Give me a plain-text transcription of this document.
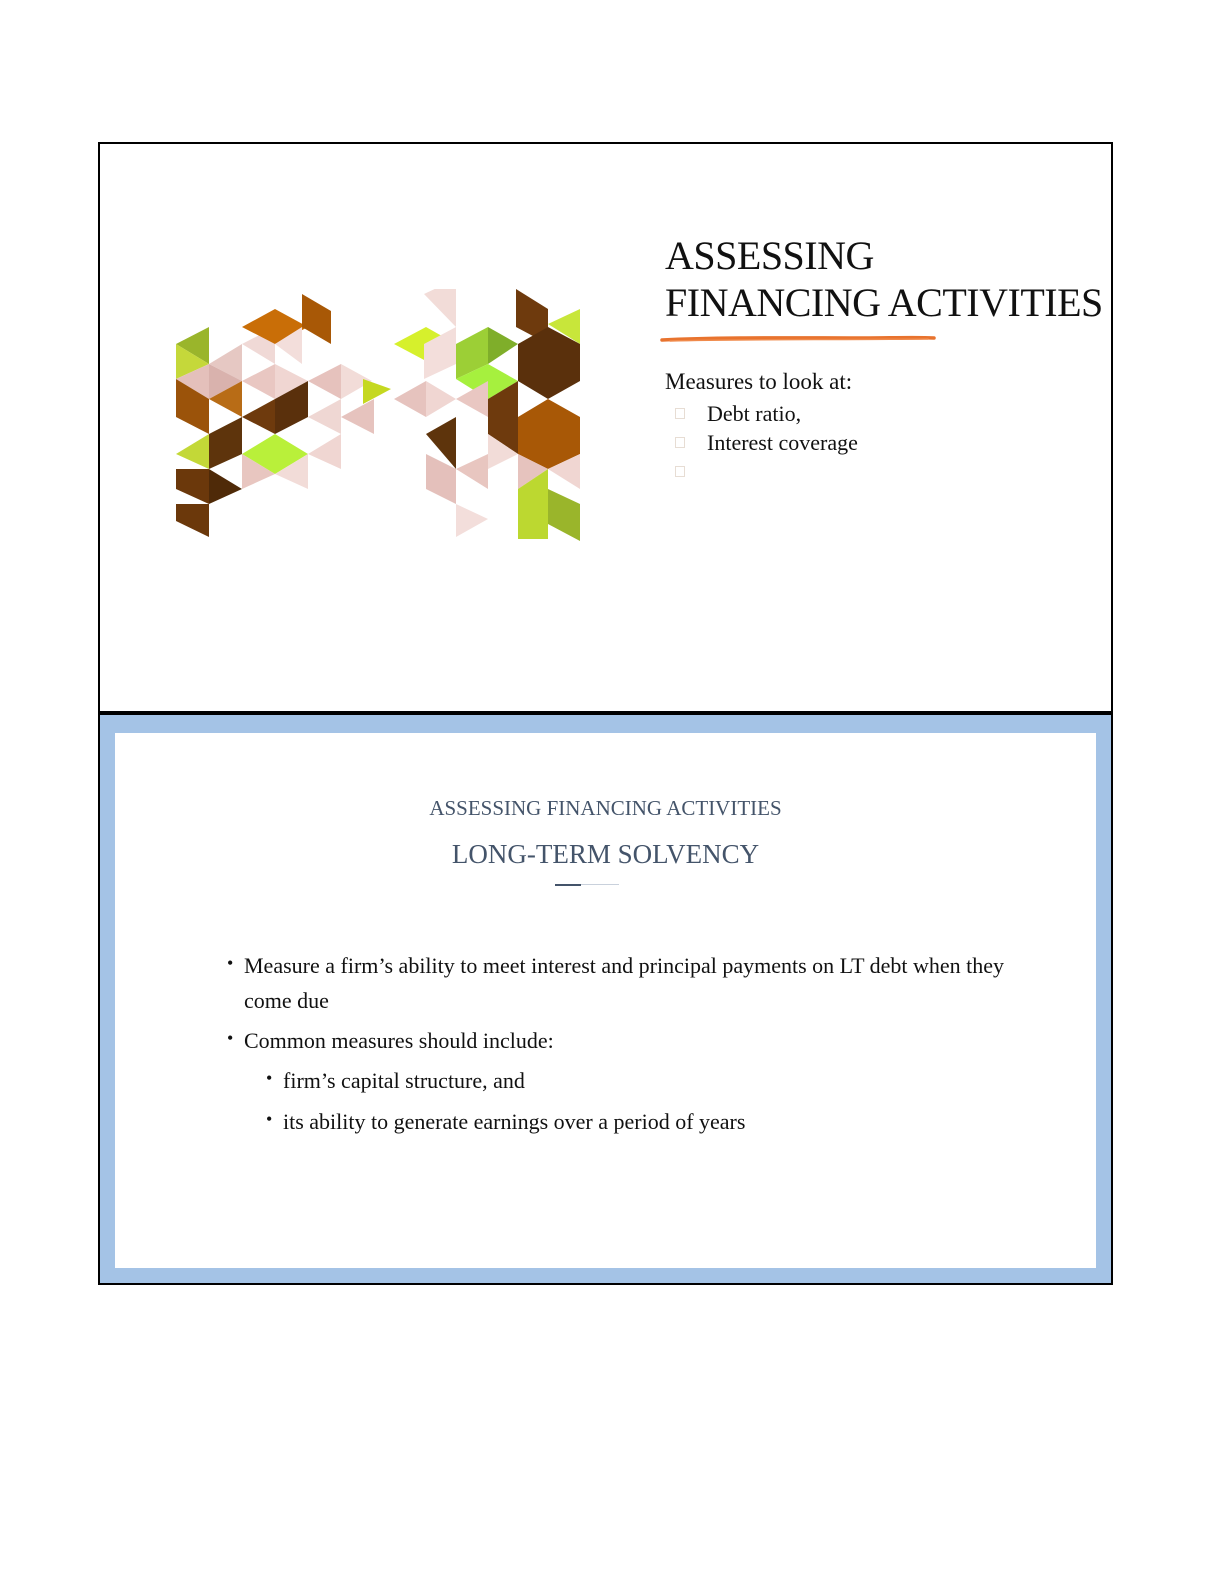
ASSESSING
FINANCING ACTIVITIES
Measures to look at:
Debt ratio,
Interest coverage
ASSESSING FINANCING ACTIVITIES
LONG-TERM SOLVENCY
• Measure a firm’s ability to meet interest and principal payments on LT debt when they come due
• Common measures should include:
• firm’s capital structure, and
• its ability to generate earnings over a period of years
